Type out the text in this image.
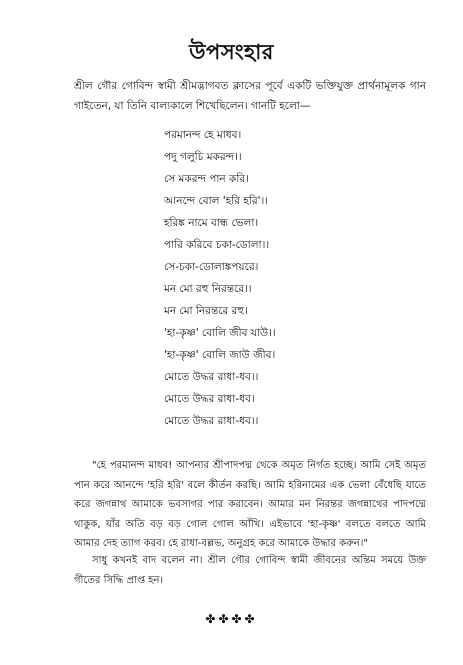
উপসংহার
শ্রীল গৌর গোবিন্দ স্বামী শ্রীমদ্ভাগবত ক্লাসের পূর্বে একটি ভক্তিযুক্ত প্রার্থনামূলক গান গাইতেন, যা তিনি বাল্যকালে শিখেছিলেন। গানটি হলো—
পরমানন্দ হে মাধব।
পদু গলুচি মকরন্দ।।
সে মকরন্দ পান করি।
আনন্দে বোল 'হরি হরি'।।
হরিঙ্ক নামে বান্ধ ভেলা।
পারি করিবে চকা-ডোলা।।
সে-চকা-ডোলাঙ্কপয়রে।
মন মো রহু নিরন্তরে।।
মন মো নিরন্তরে রহু।
'হা-কৃষ্ণ' বোলি জীব যাউ।।
'হা-কৃষ্ণ' বোলি জাউ জীব।
মোতে উদ্ধর রাধা-ধব।।
মোতে উদ্ধর রাধা-ধব।
মোতে উদ্ধর রাধা-ধব।।
"হে পরমানন্দ মাধব! আপনার শ্রীপাদপদ্ম থেকে অমৃত নির্গত হচ্ছে। আমি সেই অমৃত পান করে আনন্দে 'হরি হরি' বলে কীর্তন করছি। আমি হরিনামের এক ভেলা বেঁধেছি যাতে করে জগন্নাথ আমাকে ভবসাগর পার করাবেন। আমার মন নিরন্তর জগন্নাথের পাদপদ্মে থাকুক, যাঁর অতি বড় বড় গোল গোল আঁখি। এইভাবে 'হা-কৃষ্ণ' বলতে বলতে আমি আমার দেহ ত্যাগ করব। হে রাধা-বল্লভ, অনুগ্রহ করে আমাকে উদ্ধার করুন।"
সাধু কখনই বাদ বলেন না। শ্রীল গৌর গোবিন্দ স্বামী জীবনের অন্তিম সময়ে উক্ত গীতের সিদ্ধি প্রাপ্ত হন।
✤✤✤✤
